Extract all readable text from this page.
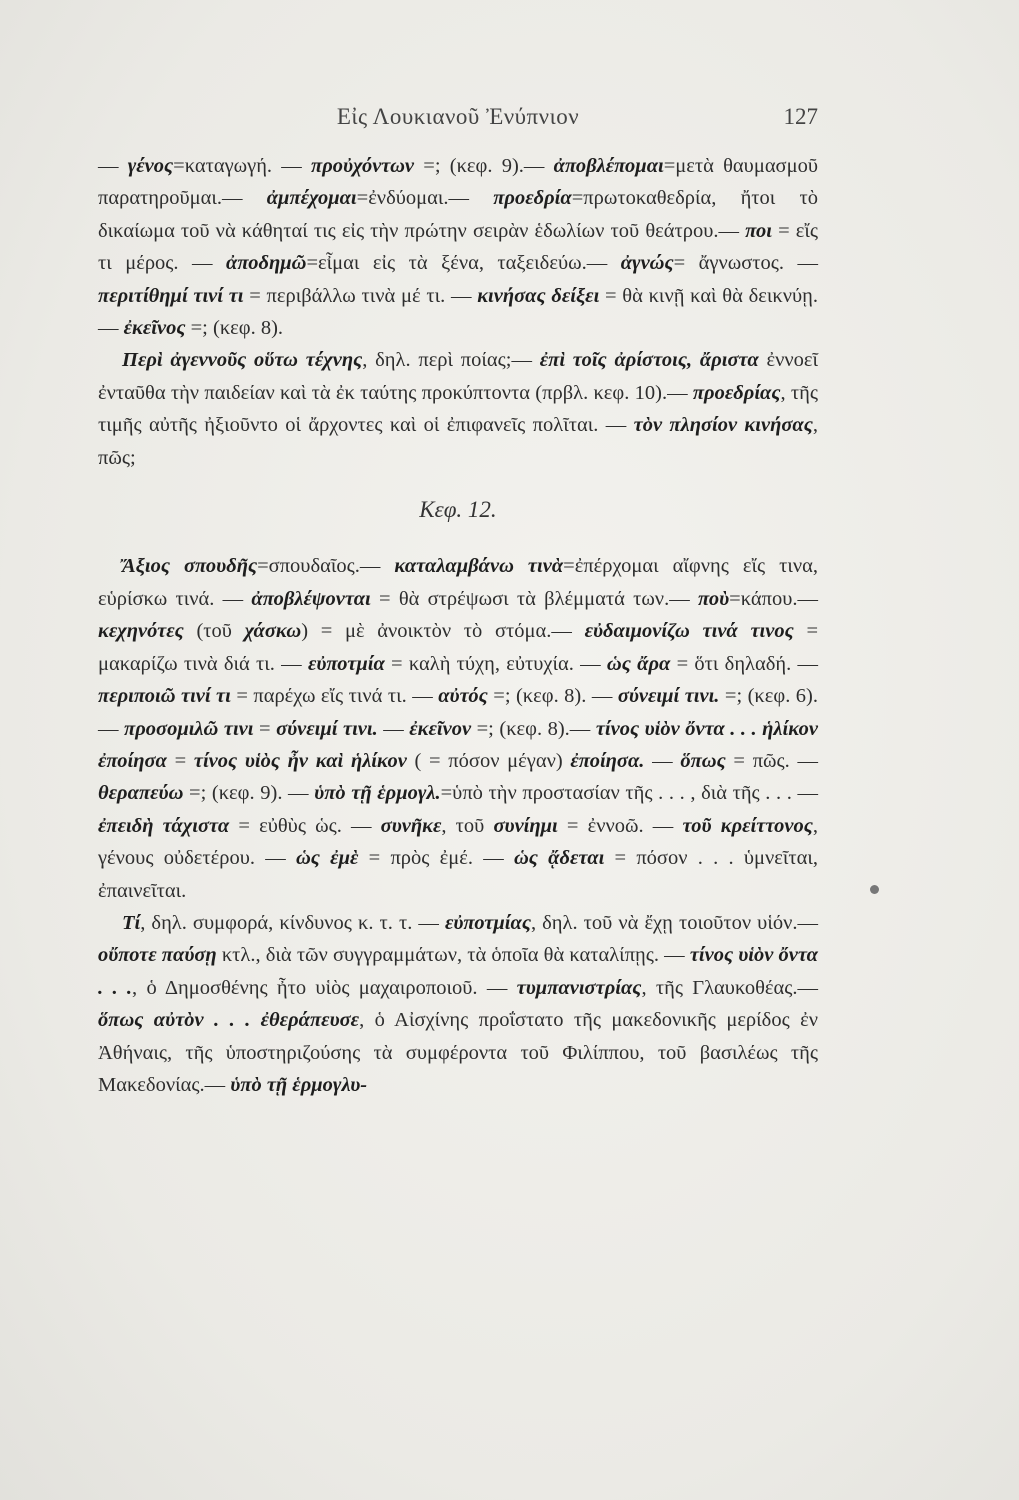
Εἰς Λουκιανοῦ Ἐνύπνιον	127

— γένος=καταγωγή. — προὐχόντων =; (κεφ. 9).— ἀποβλέπομαι=μετὰ θαυμασμοῦ παρατηροῦμαι.— ἀμπέχομαι=ἐνδύομαι.— προεδρία=πρωτοκαθεδρία, ἤτοι τὸ δικαίωμα τοῦ νὰ κάθηταί τις εἰς τὴν πρώτην σειρὰν ἑδωλίων τοῦ θεάτρου.— ποι = εἴς τι μέρος. — ἀποδημῶ=εἶμαι εἰς τὰ ξένα, ταξειδεύω.— ἀγνώς= ἄγνωστος. — περιτίθημί τινί τι = περιβάλλω τινὰ μέ τι. — κινήσας δείξει = θὰ κινῇ καὶ θὰ δεικνύῃ. — ἐκεῖνος =; (κεφ. 8).

Περὶ ἀγεννοῦς οὕτω τέχνης, δηλ. περὶ ποίας;— ἐπὶ τοῖς ἀρίστοις, ἄριστα ἐννοεῖ ἐνταῦθα τὴν παιδείαν καὶ τὰ ἐκ ταύτης προκύπτοντα (πρβλ. κεφ. 10).— προεδρίας, τῆς τιμῆς αὐτῆς ἠξιοῦντο οἱ ἄρχοντες καὶ οἱ ἐπιφανεῖς πολῖται. — τὸν πλησίον κινήσας, πῶς;

Κεφ. 12.

Ἄξιος σπουδῆς=σπουδαῖος.— καταλαμβάνω τινὰ=ἐπέρχομαι αἴφνης εἴς τινα, εὑρίσκω τινά. — ἀποβλέψονται = θὰ στρέψωσι τὰ βλέμματά των.— ποὺ=κάπου.— κεχηνότες (τοῦ χάσκω) = μὲ ἀνοικτὸν τὸ στόμα.— εὐδαιμονίζω τινά τινος = μακαρίζω τινὰ διά τι. — εὐποτμία = καλὴ τύχη, εὐτυχία. — ὡς ἄρα = ὅτι δηλαδή. — περιποιῶ τινί τι = παρέχω εἴς τινά τι. — αὐτός =; (κεφ. 8). — σύνειμί τινι. =; (κεφ. 6). — προσομιλῶ τινι = σύνειμί τινι. — ἐκεῖνον =; (κεφ. 8).— τίνος υἱὸν ὄντα . . . ἡλίκον ἐποίησα = τίνος υἱὸς ἦν καὶ ἡλίκον ( = πόσον μέγαν) ἐποίησα. — ὅπως = πῶς. — θεραπεύω =; (κεφ. 9). — ὑπὸ τῇ ἑρμογλ.=ὑπὸ τὴν προστασίαν τῆς . . . , διὰ τῆς . . . — ἐπειδὴ τάχιστα = εὐθὺς ὡς. — συνῆκε, τοῦ συνίημι = ἐννοῶ. — τοῦ κρείττονος, γένους οὐδετέρου. — ὡς ἐμὲ = πρὸς ἐμέ. — ὡς ᾄδεται = πόσον . . . ὑμνεῖται, ἐπαινεῖται.

Τί, δηλ. συμφορά, κίνδυνος κ. τ. τ. — εὐποτμίας, δηλ. τοῦ νὰ ἔχῃ τοιοῦτον υἱόν.— οὔποτε παύσῃ κτλ., διὰ τῶν συγγραμμάτων, τὰ ὁποῖα θὰ καταλίπῃς. — τίνος υἱὸν ὄντα . . ., ὁ Δημοσθένης ἦτο υἱὸς μαχαιροποιοῦ. — τυμπανιστρίας, τῆς Γλαυκοθέας.— ὅπως αὐτὸν . . . ἐθεράπευσε, ὁ Αἰσχίνης προΐστατο τῆς μακεδονικῆς μερίδος ἐν Ἀθήναις, τῆς ὑποστηριζούσης τὰ συμφέροντα τοῦ Φιλίππου, τοῦ βασιλέως τῆς Μακεδονίας.— ὑπὸ τῇ ἑρμογλυ-
